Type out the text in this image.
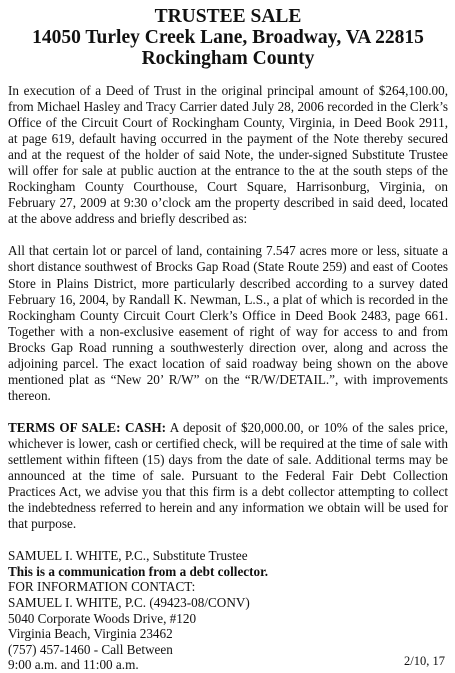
TRUSTEE SALE
14050 Turley Creek Lane, Broadway, VA 22815
Rockingham County

In execution of a Deed of Trust in the original principal amount of $264,100.00, from Michael Hasley and Tracy Carrier dated July 28, 2006 recorded in the Clerk’s Office of the Circuit Court of Rockingham County, Virginia, in Deed Book 2911, at page 619, default having occurred in the payment of the Note thereby secured and at the request of the holder of said Note, the under-signed Substitute Trustee will offer for sale at public auction at the entrance to the at the south steps of the Rockingham County Courthouse, Court Square, Harrisonburg, Virginia, on February 27, 2009 at 9:30 o’clock am the property described in said deed, located at the above address and briefly described as:

All that certain lot or parcel of land, containing 7.547 acres more or less, situate a short distance southwest of Brocks Gap Road (State Route 259) and east of Cootes Store in Plains District, more particularly described according to a survey dated February 16, 2004, by Randall K. Newman, L.S., a plat of which is recorded in the Rockingham County Circuit Court Clerk’s Office in Deed Book 2483, page 661. Together with a non-exclusive easement of right of way for access to and from Brocks Gap Road running a southwesterly direction over, along and across the adjoining parcel. The exact location of said roadway being shown on the above mentioned plat as “New 20’ R/W” on the “R/W/DETAIL.”, with improvements thereon.

TERMS OF SALE: CASH: A deposit of $20,000.00, or 10% of the sales price, whichever is lower, cash or certified check, will be required at the time of sale with settlement within fifteen (15) days from the date of sale. Additional terms may be announced at the time of sale. Pursuant to the Federal Fair Debt Collection Practices Act, we advise you that this firm is a debt collector attempting to collect the indebtedness referred to herein and any information we obtain will be used for that purpose.

SAMUEL I. WHITE, P.C., Substitute Trustee
This is a communication from a debt collector.
FOR INFORMATION CONTACT:
SAMUEL I. WHITE, P.C. (49423-08/CONV)
5040 Corporate Woods Drive, #120
Virginia Beach, Virginia 23462
(757) 457-1460 - Call Between
9:00 a.m. and 11:00 a.m.	2/10, 17
